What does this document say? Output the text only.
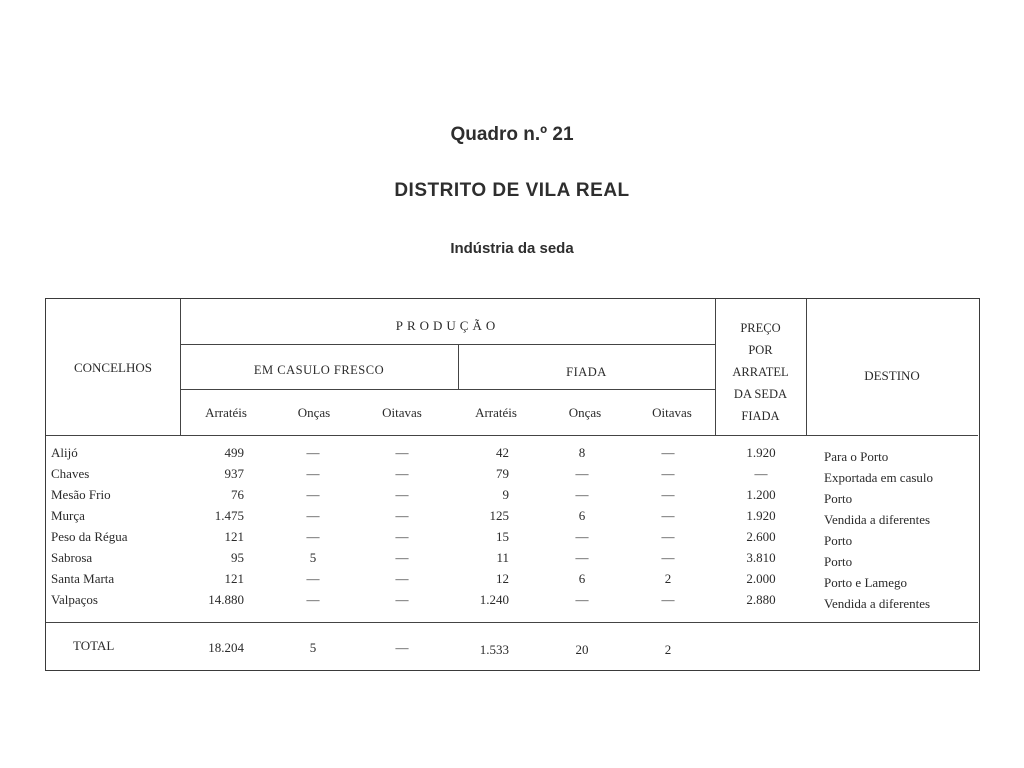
Quadro n.º 21
DISTRITO DE VILA REAL
Indústria da seda
CONCELHOS
PRODUÇÃO
EM CASULO FRESCO	FIADA
PREÇO
POR
ARRATEL
DA SEDA
FIADA
DESTINO
Arratéis	Onças	Oitavas	Arratéis	Onças	Oitavas
Alijó	499	—	—	42	8	—	1.920	Para o Porto
Chaves	937	—	—	79	—	—	—	Exportada em casulo
Mesão Frio	76	—	—	9	—	—	1.200	Porto
Murça	1.475	—	—	125	6	—	1.920	Vendida a diferentes
Peso da Régua	121	—	—	15	—	—	2.600	Porto
Sabrosa	95	5	—	11	—	—	3.810	Porto
Santa Marta	121	—	—	12	6	2	2.000	Porto e Lamego
Valpaços	14.880	—	—	1.240	—	—	2.880	Vendida a diferentes
TOTAL	18.204	5	—	1.533	20	2
